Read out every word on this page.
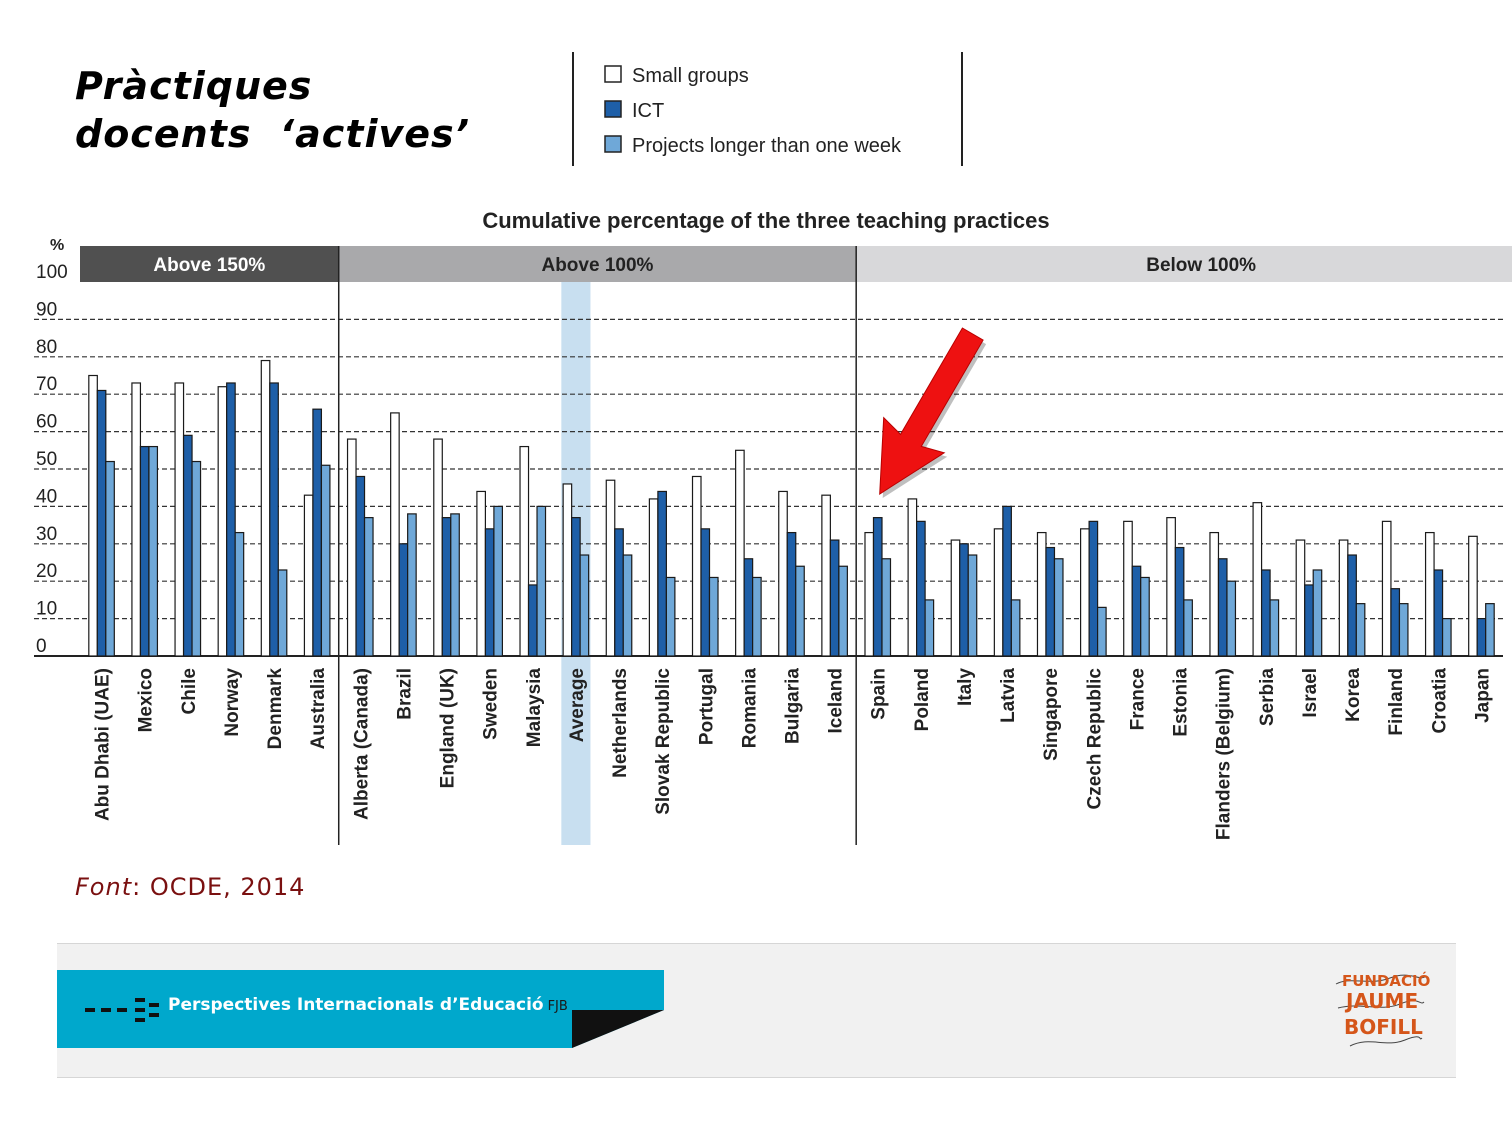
Pràctiques docents ‘actives’
Small groups
ICT
Projects longer than one week
Cumulative percentage of the three teaching practices
%
Above 150%	Above 100%	Below 100%
0
10
20
30
40
50
60
70
80
90
100
Abu Dhabi (UAE) Mexico Chile Norway Denmark Australia Alberta (Canada) Brazil England (UK) Sweden Malaysia Average Netherlands Slovak Republic Portugal Romania Bulgaria Iceland Spain Poland Italy Latvia Singapore Czech Republic France Estonia Flanders (Belgium) Serbia Israel Korea Finland Croatia Japan
Font: OCDE, 2014
Perspectives Internacionals d’Educació FJB
FUNDACIÓ
JAUME
BOFILL
